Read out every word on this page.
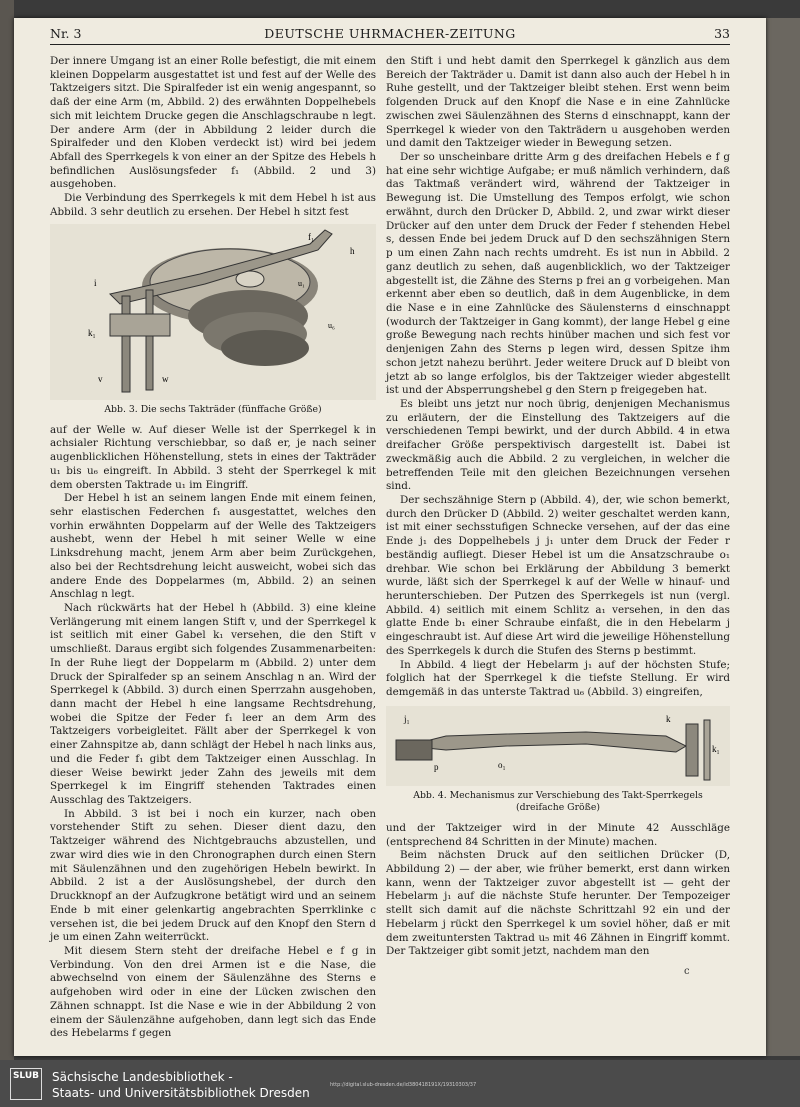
Nr. 3	DEUTSCHE UHRMACHER-ZEITUNG	33

Der innere Umgang ist an einer Rolle befestigt, die mit einem kleinen Doppelarm ausgestattet ist und fest auf der Welle des Taktzeigers sitzt. Die Spiralfeder ist ein wenig angespannt, so daß der eine Arm (m, Abbild. 2) des erwähnten Doppelhebels sich mit leichtem Drucke gegen die Anschlagschraube n legt. Der andere Arm (der in Abbildung 2 leider durch die Spiralfeder und den Kloben verdeckt ist) wird bei jedem Abfall des Sperrkegels k von einer an der Spitze des Hebels h befindlichen Auslösungsfeder f₁ (Abbild. 2 und 3) ausgehoben.

Die Verbindung des Sperrkegels k mit dem Hebel h ist aus Abbild. 3 sehr deutlich zu ersehen. Der Hebel h sitzt fest

f₁
h
i
k₁
v	w
u₁
u₆
Abb. 3. Die sechs Takträder (fünffache Größe)

auf der Welle w. Auf dieser Welle ist der Sperrkegel k in achsialer Richtung verschiebbar, so daß er, je nach seiner augenblicklichen Höhenstellung, stets in eines der Takträder u₁ bis u₆ eingreift. In Abbild. 3 steht der Sperrkegel k mit dem obersten Taktrade u₁ im Eingriff.

Der Hebel h ist an seinem langen Ende mit einem feinen, sehr elastischen Federchen f₁ ausgestattet, welches den vorhin erwähnten Doppelarm auf der Welle des Taktzeigers aushebt, wenn der Hebel h mit seiner Welle w eine Linksdrehung macht, jenem Arm aber beim Zurückgehen, also bei der Rechtsdrehung leicht ausweicht, wobei sich das andere Ende des Doppelarmes (m, Abbild. 2) an seinen Anschlag n legt.

Nach rückwärts hat der Hebel h (Abbild. 3) eine kleine Verlängerung mit einem langen Stift v, und der Sperrkegel k ist seitlich mit einer Gabel k₁ versehen, die den Stift v umschließt. Daraus ergibt sich folgendes Zusammenarbeiten: In der Ruhe liegt der Doppelarm m (Abbild. 2) unter dem Druck der Spiralfeder sp an seinem Anschlag n an. Wird der Sperrkegel k (Abbild. 3) durch einen Sperrzahn ausgehoben, dann macht der Hebel h eine langsame Rechtsdrehung, wobei die Spitze der Feder f₁ leer an dem Arm des Taktzeigers vorbeigleitet. Fällt aber der Sperrkegel k von einer Zahnspitze ab, dann schlägt der Hebel h nach links aus, und die Feder f₁ gibt dem Taktzeiger einen Ausschlag. In dieser Weise bewirkt jeder Zahn des jeweils mit dem Sperrkegel k im Eingriff stehenden Taktrades einen Ausschlag des Taktzeigers.

In Abbild. 3 ist bei i noch ein kurzer, nach oben vorstehender Stift zu sehen. Dieser dient dazu, den Taktzeiger während des Nichtgebrauchs abzustellen, und zwar wird dies wie in den Chronographen durch einen Stern mit Säulenzähnen und den zugehörigen Hebeln bewirkt. In Abbild. 2 ist a der Auslösungshebel, der durch den Druckknopf an der Aufzugkrone betätigt wird und an seinem Ende b mit einer gelenkartig angebrachten Sperrklinke c versehen ist, die bei jedem Druck auf den Knopf den Stern d je um einen Zahn weiterrückt.

Mit diesem Stern steht der dreifache Hebel e f g in Verbindung. Von den drei Armen ist e die Nase, die abwechselnd von einem der Säulenzähne des Sterns e aufgehoben wird oder in eine der Lücken zwischen den Zähnen schnappt. Ist die Nase e wie in der Abbildung 2 von einem der Säulenzähne aufgehoben, dann legt sich das Ende des Hebelarms f gegen

den Stift i und hebt damit den Sperrkegel k gänzlich aus dem Bereich der Takträder u. Damit ist dann also auch der Hebel h in Ruhe gestellt, und der Taktzeiger bleibt stehen. Erst wenn beim folgenden Druck auf den Knopf die Nase e in eine Zahnlücke zwischen zwei Säulenzähnen des Sterns d einschnappt, kann der Sperrkegel k wieder von den Takträdern u ausgehoben werden und damit den Taktzeiger wieder in Bewegung setzen.

Der so unscheinbare dritte Arm g des dreifachen Hebels e f g hat eine sehr wichtige Aufgabe; er muß nämlich verhindern, daß das Taktmaß verändert wird, während der Taktzeiger in Bewegung ist. Die Umstellung des Tempos erfolgt, wie schon erwähnt, durch den Drücker D, Abbild. 2, und zwar wirkt dieser Drücker auf den unter dem Druck der Feder f stehenden Hebel s, dessen Ende bei jedem Druck auf D den sechszähnigen Stern p um einen Zahn nach rechts umdreht. Es ist nun in Abbild. 2 ganz deutlich zu sehen, daß augenblicklich, wo der Taktzeiger abgestellt ist, die Zähne des Sterns p frei an g vorbeigehen. Man erkennt aber eben so deutlich, daß in dem Augenblicke, in dem die Nase e in eine Zahnlücke des Säulensterns d einschnappt (wodurch der Taktzeiger in Gang kommt), der lange Hebel g eine große Bewegung nach rechts hinüber machen und sich fest vor denjenigen Zahn des Sterns p legen wird, dessen Spitze ihm schon jetzt nahezu berührt. Jeder weitere Druck auf D bleibt von jetzt ab so lange erfolglos, bis der Taktzeiger wieder abgestellt ist und der Absperrungshebel g den Stern p freigegeben hat.

Es bleibt uns jetzt nur noch übrig, denjenigen Mechanismus zu erläutern, der die Einstellung des Taktzeigers auf die verschiedenen Tempi bewirkt, und der durch Abbild. 4 in etwa dreifacher Größe perspektivisch dargestellt ist. Dabei ist zweckmäßig auch die Abbild. 2 zu vergleichen, in welcher die betreffenden Teile mit den gleichen Bezeichnungen versehen sind.

Der sechszähnige Stern p (Abbild. 4), der, wie schon bemerkt, durch den Drücker D (Abbild. 2) weiter geschaltet werden kann, ist mit einer sechsstufigen Schnecke versehen, auf der das eine Ende j₁ des Doppelhebels j j₁ unter dem Druck der Feder r beständig aufliegt. Dieser Hebel ist um die Ansatzschraube o₁ drehbar. Wie schon bei Erklärung der Abbildung 3 bemerkt wurde, läßt sich der Sperrkegel k auf der Welle w hinauf- und herunterschieben. Der Putzen des Sperrkegels ist nun (vergl. Abbild. 4) seitlich mit einem Schlitz a₁ versehen, in den das glatte Ende b₁ einer Schraube einfaßt, die in den Hebelarm j eingeschraubt ist. Auf diese Art wird die jeweilige Höhenstellung des Sperrkegels k durch die Stufen des Sterns p bestimmt.

In Abbild. 4 liegt der Hebelarm j₁ auf der höchsten Stufe; folglich hat der Sperrkegel k die tiefste Stellung. Er wird demgemäß in das unterste Taktrad u₆ (Abbild. 3) eingreifen,

j₁
p	o₁
k
k₁
Abb. 4. Mechanismus zur Verschiebung des Takt-Sperrkegels
(dreifache Größe)

und der Taktzeiger wird in der Minute 42 Ausschläge (entsprechend 84 Schritten in der Minute) machen.

Beim nächsten Druck auf den seitlichen Drücker (D, Abbildung 2) — der aber, wie früher bemerkt, erst dann wirken kann, wenn der Taktzeiger zuvor abgestellt ist — geht der Hebelarm j₁ auf die nächste Stufe herunter. Der Tempozeiger stellt sich damit auf die nächste Schrittzahl 92 ein und der Hebelarm j rückt den Sperrkegel k um soviel höher, daß er mit dem zweituntersten Taktrad u₅ mit 46 Zähnen in Eingriff kommt. Der Taktzeiger gibt somit jetzt, nachdem man den

c
SLUB Sächsische Landesbibliothek -
Staats- und Universitätsbibliothek Dresden
http://digital.slub-dresden.de/id380418191X/19310303/37
